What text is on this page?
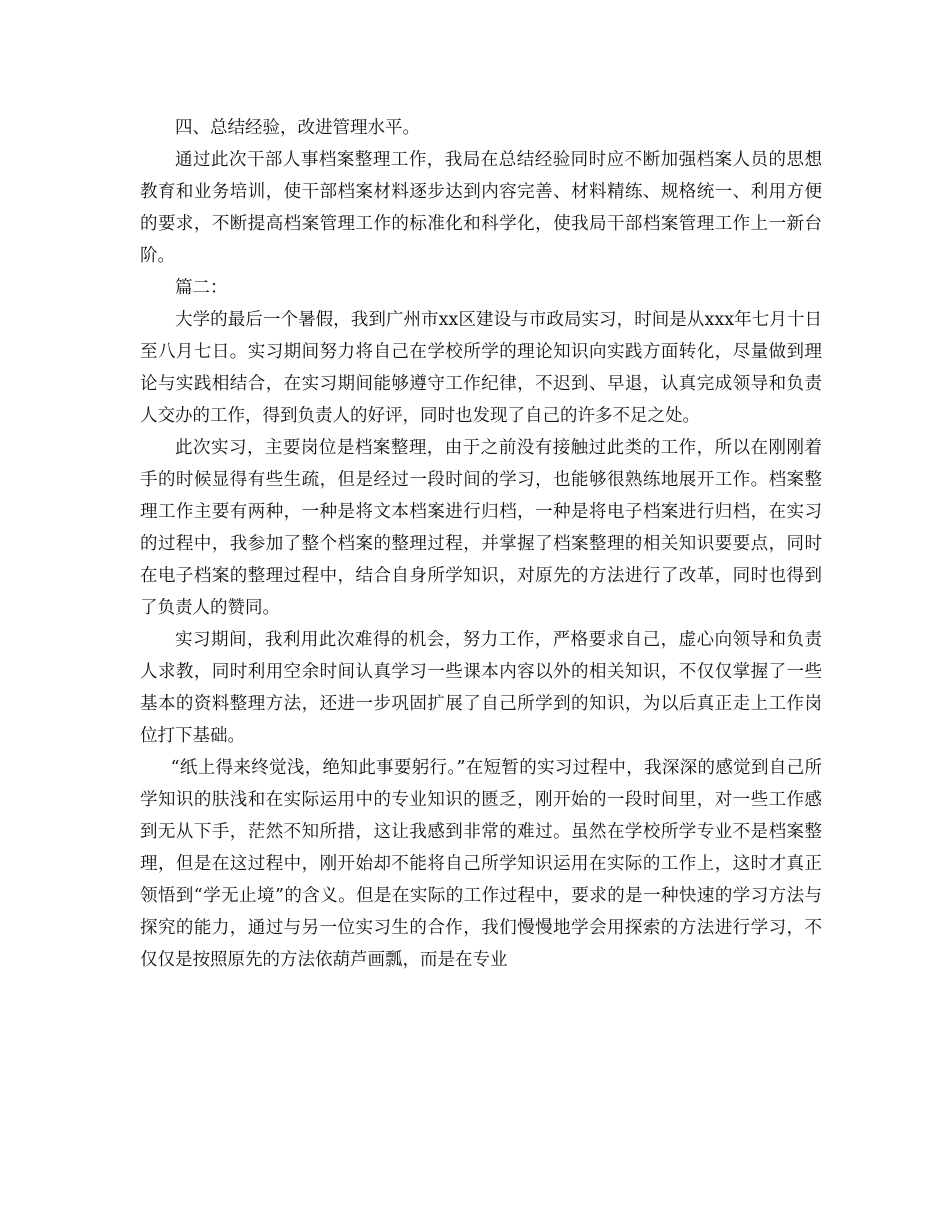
四、总结经验，改进管理水平。

通过此次干部人事档案整理工作，我局在总结经验同时应不断加强档案人员的思想教育和业务培训，使干部档案材料逐步达到内容完善、材料精练、规格统一、利用方便的要求，不断提高档案管理工作的标准化和科学化，使我局干部档案管理工作上一新台阶。

篇二：

大学的最后一个暑假，我到广州市xx区建设与市政局实习，时间是从xxx年七月十日至八月七日。实习期间努力将自己在学校所学的理论知识向实践方面转化，尽量做到理论与实践相结合，在实习期间能够遵守工作纪律，不迟到、早退，认真完成领导和负责人交办的工作，得到负责人的好评，同时也发现了自己的许多不足之处。

此次实习，主要岗位是档案整理，由于之前没有接触过此类的工作，所以在刚刚着手的时候显得有些生疏，但是经过一段时间的学习，也能够很熟练地展开工作。档案整理工作主要有两种，一种是将文本档案进行归档，一种是将电子档案进行归档，在实习的过程中，我参加了整个档案的整理过程，并掌握了档案整理的相关知识要要点，同时在电子档案的整理过程中，结合自身所学知识，对原先的方法进行了改革，同时也得到了负责人的赞同。

实习期间，我利用此次难得的机会，努力工作，严格要求自己，虚心向领导和负责人求教，同时利用空余时间认真学习一些课本内容以外的相关知识，不仅仅掌握了一些基本的资料整理方法，还进一步巩固扩展了自己所学到的知识，为以后真正走上工作岗位打下基础。

“纸上得来终觉浅，绝知此事要躬行。”在短暂的实习过程中，我深深的感觉到自己所学知识的肤浅和在实际运用中的专业知识的匮乏，刚开始的一段时间里，对一些工作感到无从下手，茫然不知所措，这让我感到非常的难过。虽然在学校所学专业不是档案整理，但是在这过程中，刚开始却不能将自己所学知识运用在实际的工作上，这时才真正领悟到“学无止境”的含义。但是在实际的工作过程中，要求的是一种快速的学习方法与探究的能力，通过与另一位实习生的合作，我们慢慢地学会用探索的方法进行学习，不仅仅是按照原先的方法依葫芦画瓢，而是在专业
